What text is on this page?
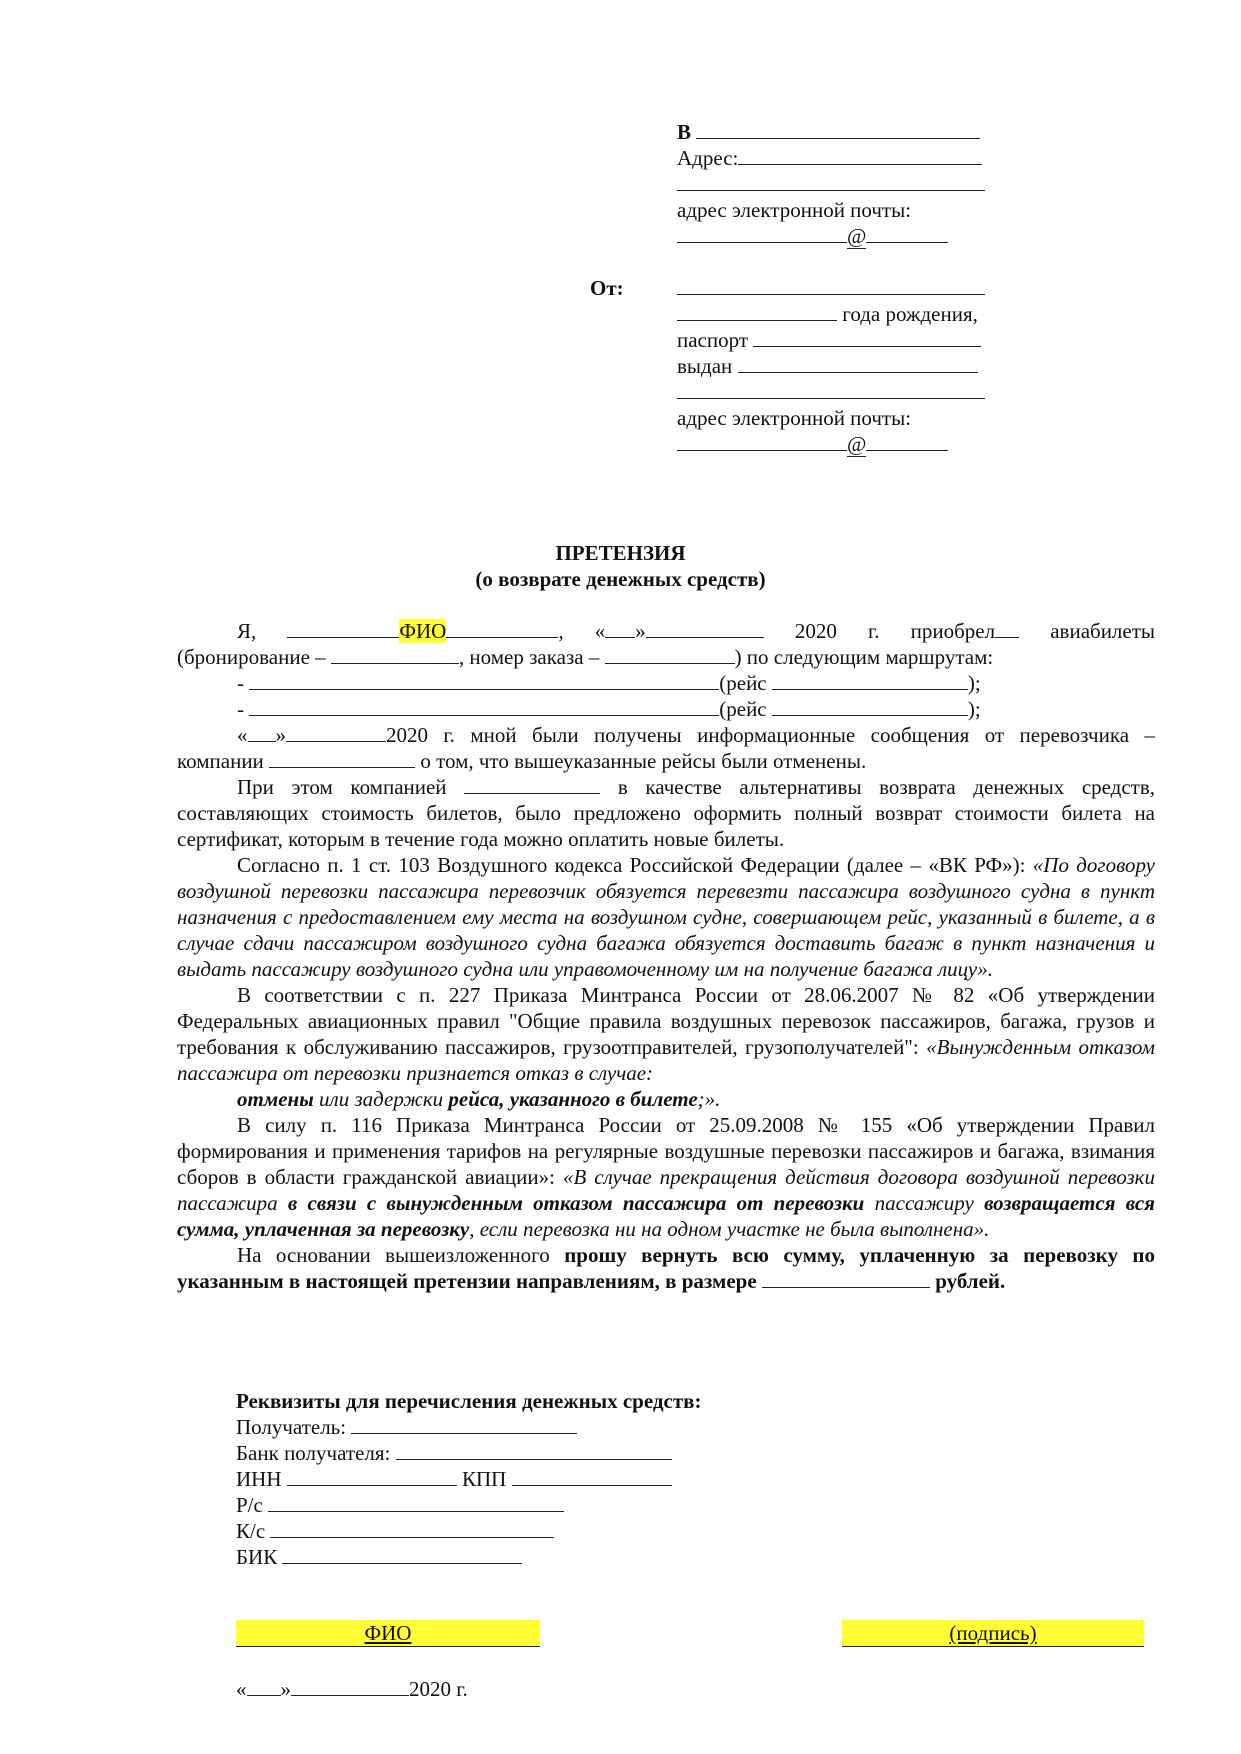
В
Адрес:
адрес электронной почты:
@
От:
года рождения,
паспорт
выдан
адрес электронной почты:
@
ПРЕТЕНЗИЯ
(о возврате денежных средств)
Я,	ФИО	, « »	2020 г. приобрел	авиабилеты
(бронирование –	, номер заказа –	) по следующим маршрутам:
-	(рейс	);
-	(рейс	);
« »	2020 г. мной были получены информационные сообщения от перевозчика –
компании	о том, что вышеуказанные рейсы были отменены.

При этом компанией	в качестве альтернативы возврата денежных средств, составляющих стоимость билетов, было предложено оформить полный возврат стоимости билета на сертификат, которым в течение года можно оплатить новые билеты.

Согласно п. 1 ст. 103 Воздушного кодекса Российской Федерации (далее – «ВК РФ»): «По договору воздушной перевозки пассажира перевозчик обязуется перевезти пассажира воздушного судна в пункт назначения с предоставлением ему места на воздушном судне, совершающем рейс, указанный в билете, а в случае сдачи пассажиром воздушного судна багажа обязуется доставить багаж в пункт назначения и выдать пассажиру воздушного судна или управомоченному им на получение багажа лицу».

В соответствии с п. 227 Приказа Минтранса России от 28.06.2007 № 82 «Об утверждении Федеральных авиационных правил "Общие правила воздушных перевозок пассажиров, багажа, грузов и требования к обслуживанию пассажиров, грузоотправителей, грузополучателей": «Вынужденным отказом пассажира от перевозки признается отказ в случае:

отмены или задержки рейса, указанного в билете;».

В силу п. 116 Приказа Минтранса России от 25.09.2008 № 155 «Об утверждении Правил формирования и применения тарифов на регулярные воздушные перевозки пассажиров и багажа, взимания сборов в области гражданской авиации»: «В случае прекращения действия договора воздушной перевозки пассажира в связи с вынужденным отказом пассажира от перевозки пассажиру возвращается вся сумма, уплаченная за перевозку, если перевозка ни на одном участке не была выполнена».

На основании вышеизложенного прошу вернуть всю сумму, уплаченную за перевозку по указанным в настоящей претензии направлениям, в размере	рублей.

Реквизиты для перечисления денежных средств:
Получатель:
Банк получателя:
ИНН	КПП
Р/с
К/с
БИК
ФИО	(подпись)
« »	2020 г.
